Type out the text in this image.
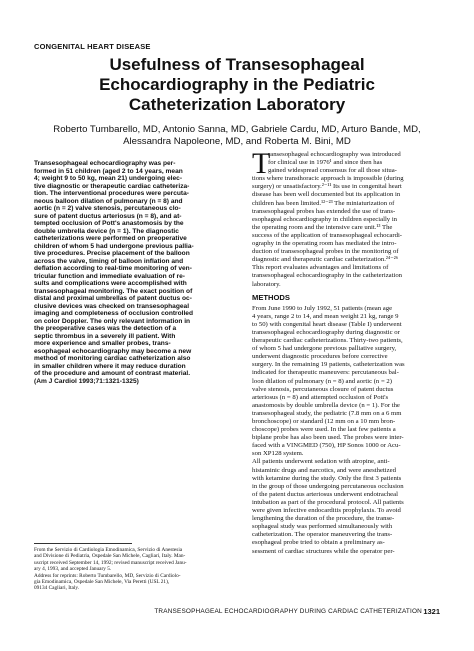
CONGENITAL HEART DISEASE
Usefulness of Transesophageal
Echocardiography in the Pediatric
Catheterization Laboratory
Roberto Tumbarello, MD, Antonio Sanna, MD, Gabriele Cardu, MD, Arturo Bande, MD,
Alessandra Napoleone, MD, and Roberta M. Bini, MD
Transesophageal echocardiography was per-
formed in 51 children (aged 2 to 14 years, mean
4; weight 9 to 50 kg, mean 21) undergoing elec-
tive diagnostic or therapeutic cardiac catheteriza-
tion. The interventional procedures were percuta-
neous balloon dilation of pulmonary (n = 8) and
aortic (n = 2) valve stenosis, percutaneous clo-
sure of patent ductus arteriosus (n = 8), and at-
tempted occlusion of Pott's anastomosis by the
double umbrella device (n = 1). The diagnostic
catheterizations were performed on preoperative
children of whom 5 had undergone previous pallia-
tive procedures. Precise placement of the balloon
across the valve, timing of balloon inflation and
deflation according to real-time monitoring of ven-
tricular function and immediate evaluation of re-
sults and complications were accomplished with
transesophageal monitoring. The exact position of
distal and proximal umbrellas of patent ductus oc-
clusive devices was checked on transesophageal
imaging and completeness of occlusion controlled
on color Doppler. The only relevant information in
the preoperative cases was the detection of a
septic thrombus in a severely ill patient. With
more experience and smaller probes, trans-
esophageal echocardiography may become a new
method of monitoring cardiac catheterization also
in smaller children where it may reduce duration
of the procedure and amount of contrast material.
(Am J Cardiol 1993;71:1321-1325)
From the Servizio di Cardiologia Emodinamica, Servizio di Anestesia
and Divisione di Pediatria, Ospedale San Michele, Cagliari, Italy. Man-
uscript received September 14, 1992; revised manuscript received Janu-
ary 4, 1993, and accepted January 5.
Address for reprints: Roberto Tumbarello, MD, Servizio di Cardiolo-
gia Emodinamica, Ospedale San Michele, Via Peretti (USL 21),
09134 Cagliari, Italy.
T
ransesophageal echocardiography was introduced
for clinical use in 1976¹ and since then has
gained widespread consensus for all those situa-
tions where transthoracic approach is impossible (during
surgery) or unsatisfactory.²⁻¹¹ Its use in congenital heart
disease has been well documented but its application in
children has been limited.¹²⁻²³ The miniaturization of
transesophageal probes has extended the use of trans-
esophageal echocardiography in children especially in
the operating room and the intensive care unit.¹³ The
success of the application of transesophageal echocardi-
ography in the operating room has mediated the intro-
duction of transesophageal probes in the monitoring of
diagnostic and therapeutic cardiac catheterization.²⁴⁻²⁶
This report evaluates advantages and limitations of
transesophageal echocardiography in the catheterization
laboratory.
METHODS
From June 1990 to July 1992, 51 patients (mean age
4 years, range 2 to 14, and mean weight 21 kg, range 9
to 50) with congenital heart disease (Table I) underwent
transesophageal echocardiography during diagnostic or
therapeutic cardiac catheterizations. Thirty-two patients,
of whom 5 had undergone previous palliative surgery,
underwent diagnostic procedures before corrective
surgery. In the remaining 19 patients, catheterization was
indicated for therapeutic maneuvers: percutaneous bal-
loon dilation of pulmonary (n = 8) and aortic (n = 2)
valve stenosis, percutaneous closure of patent ductus
arteriosus (n = 8) and attempted occlusion of Pott's
anastomosis by double umbrella device (n = 1). For the
transesophageal study, the pediatric (7.8 mm on a 6 mm
bronchoscope) or standard (12 mm on a 10 mm bron-
choscope) probes were used. In the last few patients a
biplane probe has also been used. The probes were inter-
faced with a VINGMED (750), HP Sonos 1000 or Acu-
son XP128 system.
All patients underwent sedation with atropine, anti-
histaminic drugs and narcotics, and were anesthetized
with ketamine during the study. Only the first 3 patients
in the group of those undergoing percutaneous occlusion
of the patent ductus arteriosus underwent endotracheal
intubation as part of the procedural protocol. All patients
were given infective endocarditis prophylaxis. To avoid
lengthening the duration of the procedure, the transe-
sophageal study was performed simultaneously with
catheterization. The operator maneuvering the trans-
esophageal probe tried to obtain a preliminary as-
sessment of cardiac structures while the operator per-
TRANSESOPHAGEAL ECHOCARDIOGRAPHY DURING CARDIAC CATHETERIZATION 1321
